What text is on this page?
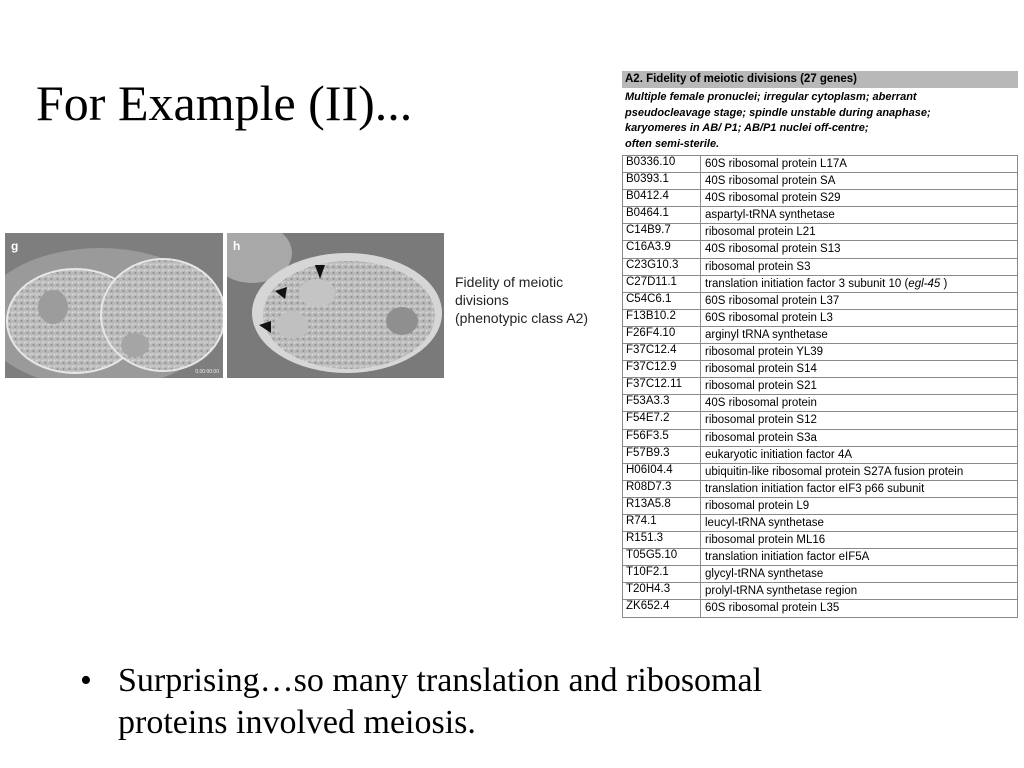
For Example (II)...
g
0.00:00:00
h
Fidelity of meiotic
divisions
(phenotypic class A2)
A2. Fidelity of meiotic divisions (27 genes)
Multiple female pronuclei; irregular cytoplasm; aberrant
pseudocleavage stage; spindle unstable during anaphase;
karyomeres in AB/ P1; AB/P1 nuclei off-centre;
often semi-sterile.
B0336.10	60S ribosomal protein L17A
B0393.1	40S ribosomal protein SA
B0412.4	40S ribosomal protein S29
B0464.1	aspartyl-tRNA synthetase
C14B9.7	ribosomal protein L21
C16A3.9	40S ribosomal protein S13
C23G10.3	ribosomal protein S3
C27D11.1	translation initiation factor 3 subunit 10 (egl-45 )
C54C6.1	60S ribosomal protein L37
F13B10.2	60S ribosomal protein L3
F26F4.10	arginyl tRNA synthetase
F37C12.4	ribosomal protein YL39
F37C12.9	ribosomal protein S14
F37C12.11	ribosomal protein S21
F53A3.3	40S ribosomal protein
F54E7.2	ribosomal protein S12
F56F3.5	ribosomal protein S3a
F57B9.3	eukaryotic initiation factor 4A
H06I04.4	ubiquitin-like ribosomal protein S27A fusion protein
R08D7.3	translation initiation factor eIF3 p66 subunit
R13A5.8	ribosomal protein L9
R74.1	leucyl-tRNA synthetase
R151.3	ribosomal protein ML16
T05G5.10	translation initiation factor eIF5A
T10F2.1	glycyl-tRNA synthetase
T20H4.3	prolyl-tRNA synthetase region
ZK652.4	60S ribosomal protein L35
• Surprising…so many translation and ribosomal
proteins involved meiosis.
